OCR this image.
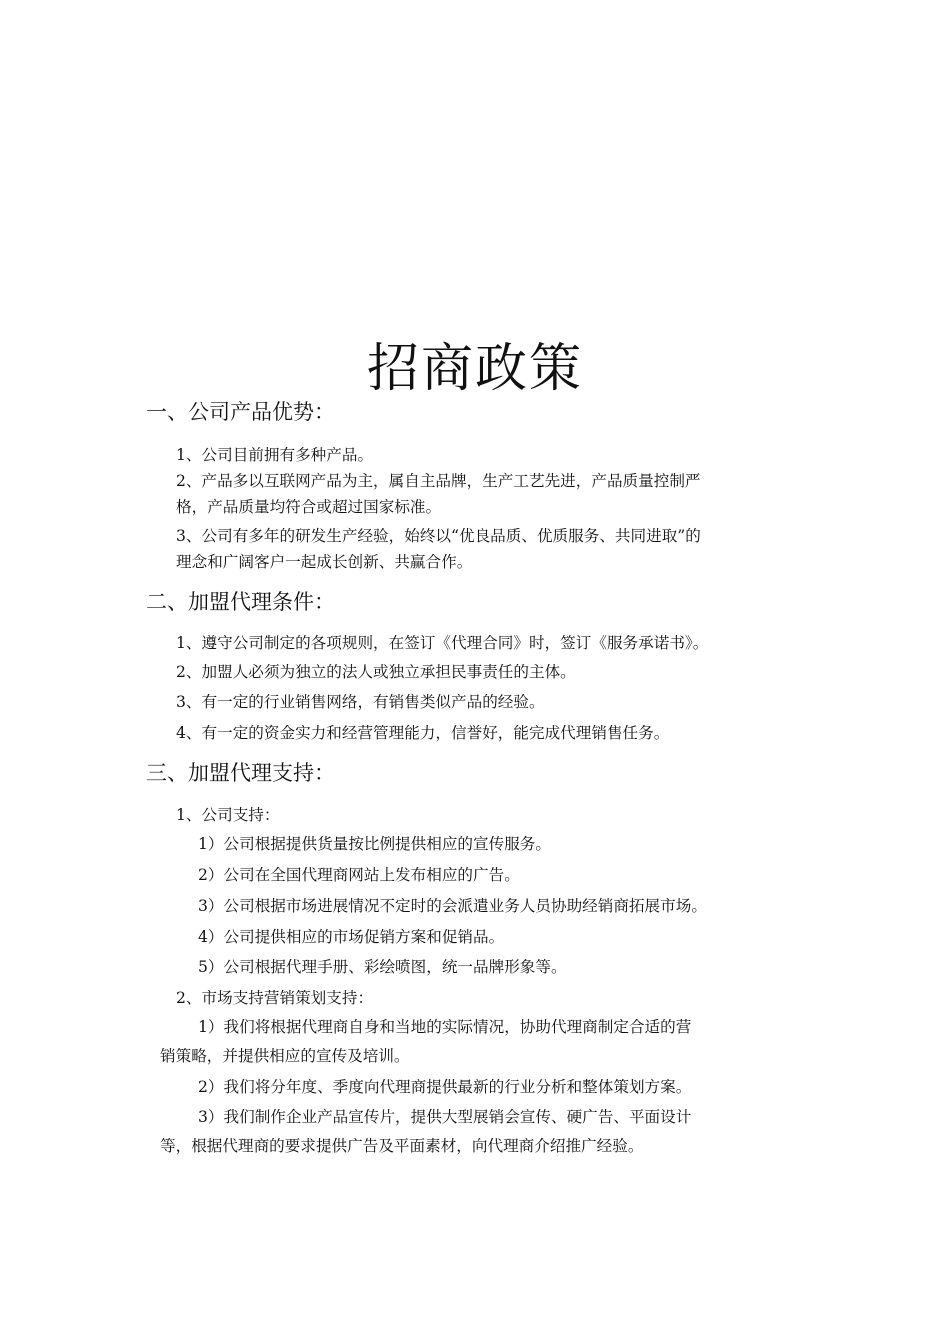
招商政策
一、公司产品优势：

1、公司目前拥有多种产品。

2、产品多以互联网产品为主，属自主品牌，生产工艺先进，产品质量控制严

格，产品质量均符合或超过国家标准。

3、公司有多年的研发生产经验，始终以“优良品质、优质服务、共同进取”的

理念和广阔客户一起成长创新、共赢合作。

二、加盟代理条件：

1、遵守公司制定的各项规则，在签订《代理合同》时，签订《服务承诺书》。

2、加盟人必须为独立的法人或独立承担民事责任的主体。

3、有一定的行业销售网络，有销售类似产品的经验。

4、有一定的资金实力和经营管理能力，信誉好，能完成代理销售任务。

三、加盟代理支持：

1、公司支持：

1）公司根据提供货量按比例提供相应的宣传服务。

2）公司在全国代理商网站上发布相应的广告。

3）公司根据市场进展情况不定时的会派遣业务人员协助经销商拓展市场。

4）公司提供相应的市场促销方案和促销品。

5）公司根据代理手册、彩绘喷图，统一品牌形象等。

2、市场支持营销策划支持：

1）我们将根据代理商自身和当地的实际情况，协助代理商制定合适的营

销策略，并提供相应的宣传及培训。

2）我们将分年度、季度向代理商提供最新的行业分析和整体策划方案。

3）我们制作企业产品宣传片，提供大型展销会宣传、硬广告、平面设计

等，根据代理商的要求提供广告及平面素材，向代理商介绍推广经验。
